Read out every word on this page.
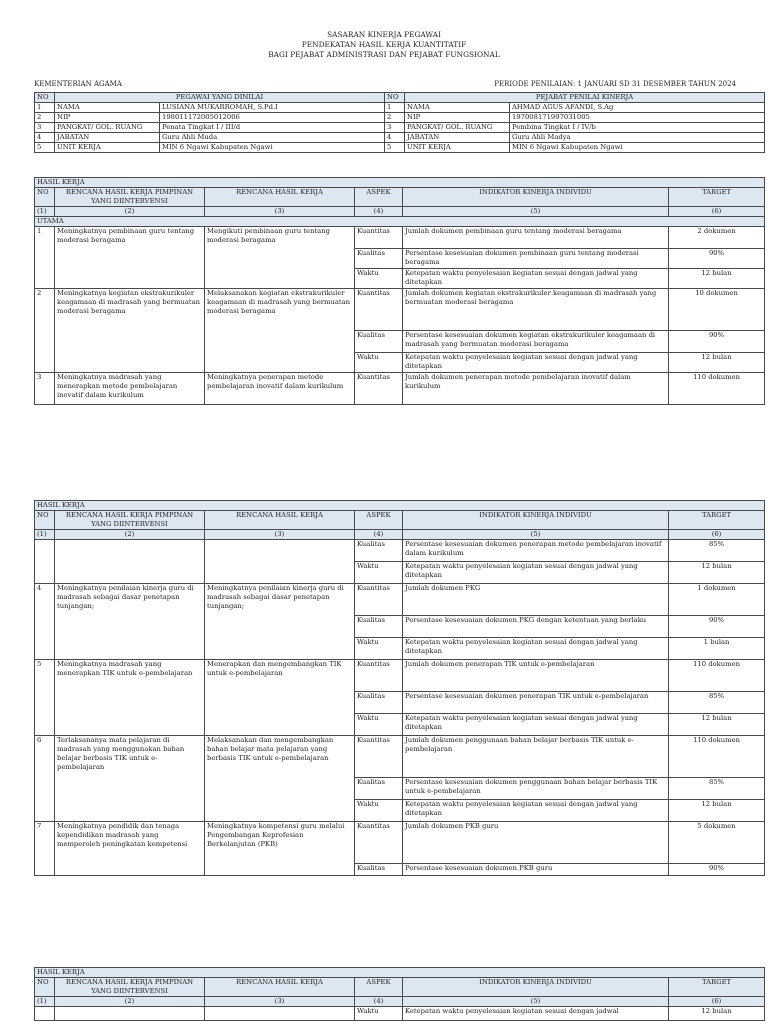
SASARAN KINERJA PEGAWAI
PENDEKATAN HASIL KERJA KUANTITATIF
BAGI PEJABAT ADMINISTRASI DAN PEJABAT FUNGSIONAL
KEMENTERIAN AGAMA	PERIODE PENILAIAN: 1 JANUARI SD 31 DESEMBER TAHUN 2024
NO	PEGAWAI YANG DINILAI		NO	PEJABAT PENILAI KINERJA	
1	NAMA	LUSIANA MUKARROMAH, S.Pd.I	1	NAMA	AHMAD AGUS AFANDI, S.Ag
2	NIP	198011172005012006	2	NIP	197008171997031005
3	PANGKAT/ GOL. RUANG	Penata Tingkat I / III/d	3	PANGKAT/ GOL. RUANG	Pembina Tingkat I / IV/b
4	JABATAN	Guru Ahli Muda	4	JABATAN	Guru Ahli Madya
5	UNIT KERJA	MIN 6 Ngawi Kabupaten Ngawi	5	UNIT KERJA	MIN 6 Ngawi Kabupaten Ngawi
HASIL KERJA					
NO	RENCANA HASIL KERJA PIMPINAN YANG DIINTERVENSI	RENCANA HASIL KERJA	ASPEK	INDIKATOR KINERJA INDIVIDU	TARGET
(1)	(2)	(3)	(4)	(5)	(6)
UTAMA					
1	Meningkatnya pembinaan guru tentang moderasi beragama	Mengikuti pembinaan guru tentang moderasi beragama	Kuantitas	Jumlah dokumen pembinaan guru tentang moderasi beragama	2 dokumen
			Kualitas	Persentase kesesuaian dokumen pembinaan guru tentang moderasi beragama	90%
			Waktu	Ketepatan waktu penyelesaian kegiatan sesuai dengan jadwal yang ditetapkan	12 bulan
2	Meningkatnya kegiatan ekstrakurikuler keagamaan di madrasah yang bermuatan moderasi beragama	Melaksanakan kegiatan ekstrakurikuler keagamaan di madrasah yang bermuatan moderasi beragama	Kuantitas	Jumlah dokumen kegiatan ekstrakurikuler keagamaan di madrasah yang bermuatan moderasi beragama	10 dokumen
			Kualitas	Persentase kesesuaian dokumen kegiatan ekstrakurikuler keagamaan di madrasah yang bermuatan moderasi beragama	90%
			Waktu	Ketepatan waktu penyelesaian kegiatan sesuai dengan jadwal yang ditetapkan	12 bulan
3	Meningkatnya madrasah yang menerapkan metode pembelajaran inovatif dalam kurikulum	Meningkatnya penerapan metode pembelajaran inovatif dalam kurikulum	Kuantitas	Jumlah dokumen penerapan metode pembelajaran inovatif dalam kurikulum	110 dokumen
HASIL KERJA					
NO	RENCANA HASIL KERJA PIMPINAN YANG DIINTERVENSI	RENCANA HASIL KERJA	ASPEK	INDIKATOR KINERJA INDIVIDU	TARGET
(1)	(2)	(3)	(4)	(5)	(6)
			Kualitas	Persentase kesesuaian dokumen penerapan metode pembelajaran inovatif dalam kurikulum	85%
			Waktu	Ketepatan waktu penyelesaian kegiatan sesuai dengan jadwal yang ditetapkan	12 bulan
4	Meningkatnya penilaian kinerja guru di madrasah sebagai dasar penetapan tunjangan;	Meningkatnya penilaian kinerja guru di madrasah sebagai dasar penetapan tunjangan;	Kuantitas	Jumlah dokumen PKG	1 dokumen
			Kualitas	Persentase kesesuaian dokumen PKG dengan ketentuan yang berlaku	90%
			Waktu	Ketepatan waktu penyelesaian kegiatan sesuai dengan jadwal yang ditetapkan	1 bulan
5	Meningkatnya madrasah yang menerapkan TIK untuk e-pembelajaran	Menerapkan dan mengembangkan TIK untuk e-pembelajaran	Kuantitas	Jumlah dokumen penerapan TIK untuk e-pembelajaran	110 dokumen
			Kualitas	Persentase kesesuaian dokumen penerapan TIK untuk e-pembelajaran	85%
			Waktu	Ketepatan waktu penyelesaian kegiatan sesuai dengan jadwal yang ditetapkan	12 bulan
6	Terlaksananya mata pelajaran di madrasah yang menggunakan bahan belajar berbasis TIK untuk e-pembelajaran	Melaksanakan dan mengembangkan bahan belajar mata pelajaran yang berbasis TIK untuk e-pembelajaran	Kuantitas	Jumlah dokumen penggunaan bahan belajar berbasis TIK untuk e-pembelajaran	110 dokumen
			Kualitas	Persentase kesesuaian dokumen penggunaan bahan belajar berbasis TIK untuk e-pembelajaran	85%
			Waktu	Ketepatan waktu penyelesaian kegiatan sesuai dengan jadwal yang ditetapkan	12 bulan
7	Meningkatnya pendidik dan tenaga kependidikan madrasah yang memperoleh peningkatan kompetensi	Meningkatnya kompetensi guru melalui Pengembangan Keprofesian Berkelanjutan (PKB)	Kuantitas	Jumlah dokumen PKB guru	5 dokumen
			Kualitas	Persentase kesesuaian dokumen PKB guru	90%
HASIL KERJA					
NO	RENCANA HASIL KERJA PIMPINAN YANG DIINTERVENSI	RENCANA HASIL KERJA	ASPEK	INDIKATOR KINERJA INDIVIDU	TARGET
(1)	(2)	(3)	(4)	(5)	(6)
			Waktu	Ketepatan waktu penyelesaian kegiatan sesuai dengan jadwal	12 bulan
